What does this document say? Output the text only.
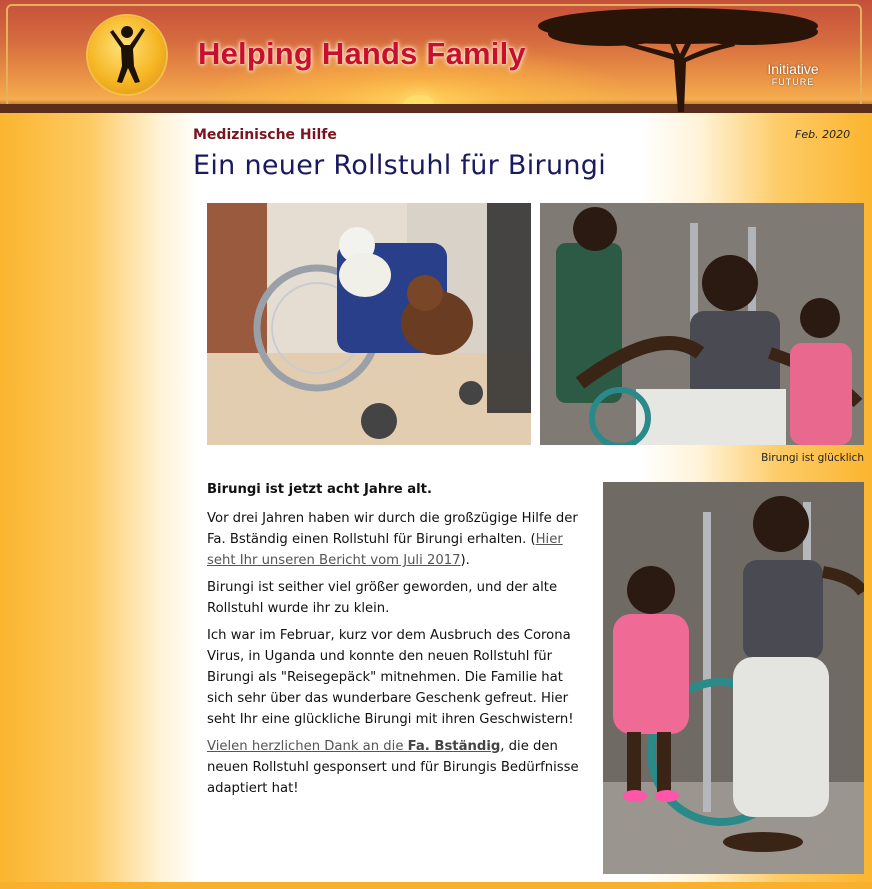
Helping Hands Family	Initiative
FUTURE
Medizinische Hilfe	Feb. 2020
Ein neuer Rollstuhl für Birungi
Birungi ist glücklich

Birungi ist jetzt acht Jahre alt.

Vor drei Jahren haben wir durch die großzügige Hilfe der Fa. Bständig einen Rollstuhl für Birungi erhalten. (Hier seht Ihr unseren Bericht vom Juli 2017).

Birungi ist seither viel größer geworden, und der alte Rollstuhl wurde ihr zu klein.

Ich war im Februar, kurz vor dem Ausbruch des Corona Virus, in Uganda und konnte den neuen Rollstuhl für Birungi als "Reisegepäck" mitnehmen. Die Familie hat sich sehr über das wunderbare Geschenk gefreut. Hier seht Ihr eine glückliche Birungi mit ihren Geschwistern!

Vielen herzlichen Dank an die Fa. Bständig, die den neuen Rollstuhl gesponsert und für Birungis Bedürfnisse adaptiert hat!
